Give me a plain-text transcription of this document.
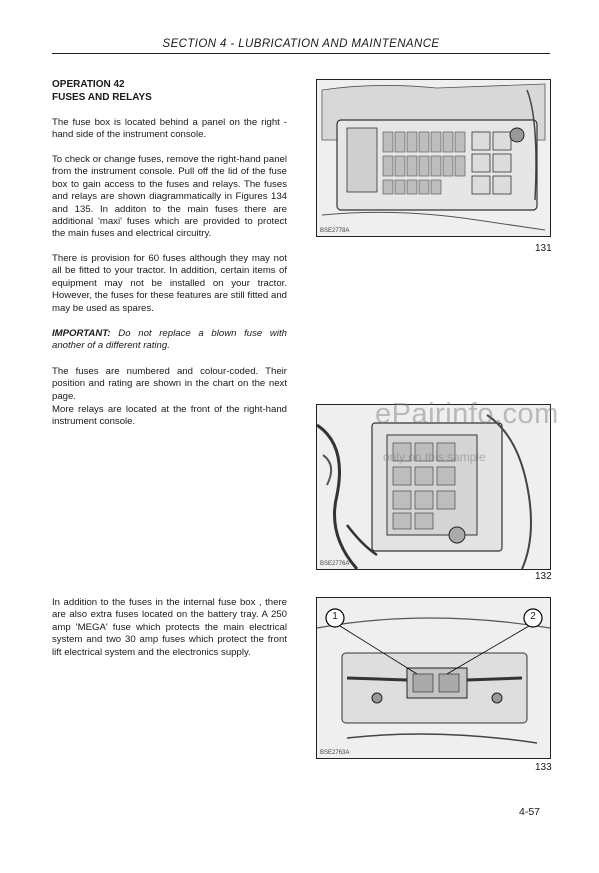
SECTION 4 - LUBRICATION AND MAINTENANCE
OPERATION 42
FUSES AND RELAYS
The fuse box is located behind a panel on the right -hand side of the instrument console.
To check or change fuses, remove the right-hand panel from the instrument console. Pull off the lid of the fuse box to gain access to the fuses and relays. The fuses and relays are shown diagrammatically in Figures 134 and 135. In additon to the main fuses there are additional 'maxi' fuses which are provided to protect the main fuses and electrical circuitry.
There is provision for 60 fuses although they may not all be fitted to your tractor. In addition, certain items of equipment may not be installed on your tractor. However, the fuses for these features are still fitted and may be used as spares.
IMPORTANT: Do not replace a blown fuse with another of a different rating.
The fuses are numbered and colour-coded. Their position and rating are shown in the chart on the next page.
More relays are located at the front of the right-hand instrument console.
In addition to the fuses in the internal fuse box , there are also extra fuses located on the battery tray. A 250 amp 'MEGA' fuse which protects the main electrical system and two 30 amp fuses which protect the front lift electrical system and the electronics supply.
BSE2778A
131
BSE2776A
132
1	2
BSE2763A
133
ePairinfo.com
only on this sample
4-57
